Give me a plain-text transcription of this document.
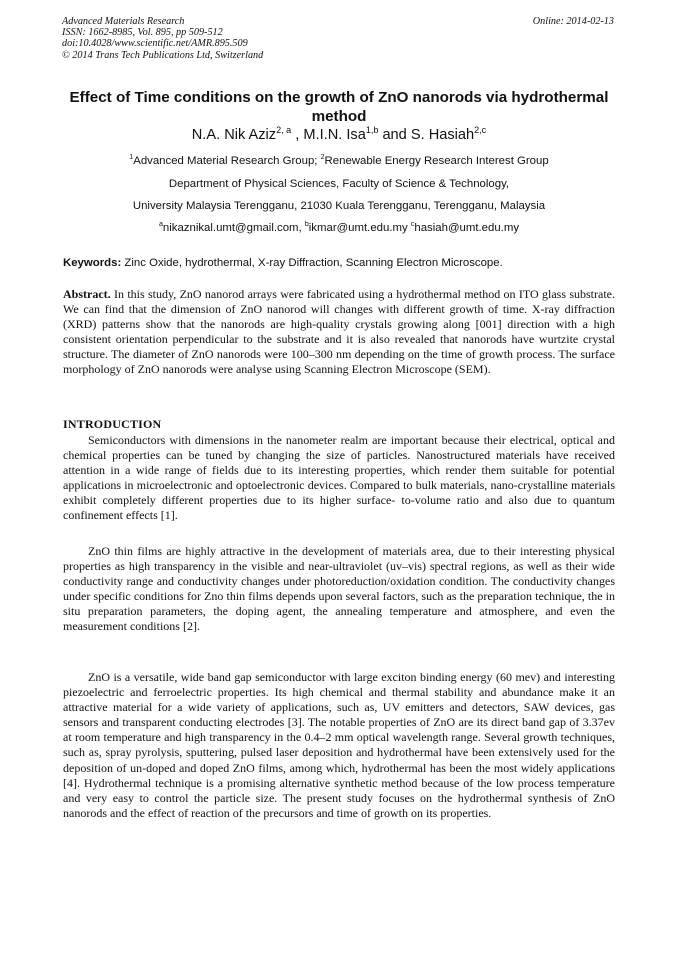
Advanced Materials Research
ISSN: 1662-8985, Vol. 895, pp 509-512
doi:10.4028/www.scientific.net/AMR.895.509
© 2014 Trans Tech Publications Ltd, Switzerland
Online: 2014-02-13
Effect of Time conditions on the growth of ZnO nanorods via hydrothermal method
N.A. Nik Aziz$^{2, a}$ , M.I.N. Isa$^{1,b}$ and S. Hasiah$^{2,c}$
$^1$Advanced Material Research Group; $^2$Renewable Energy Research Interest Group
Department of Physical Sciences, Faculty of Science & Technology,
University Malaysia Terengganu, 21030 Kuala Terengganu, Terengganu, Malaysia
$^a$nikaznikal.umt@gmail.com, $^b$ikmar@umt.edu.my $^c$hasiah@umt.edu.my
Keywords: Zinc Oxide, hydrothermal, X-ray Diffraction, Scanning Electron Microscope.
Abstract. In this study, ZnO nanorod arrays were fabricated using a hydrothermal method on ITO glass substrate. We can find that the dimension of ZnO nanorod will changes with different growth of time. X-ray diffraction (XRD) patterns show that the nanorods are high-quality crystals growing along [001] direction with a high consistent orientation perpendicular to the substrate and it is also revealed that nanorods have wurtzite crystal structure. The diameter of ZnO nanorods were 100–300 nm depending on the time of growth process. The surface morphology of ZnO nanorods were analyse using Scanning Electron Microscope (SEM).
INTRODUCTION
Semiconductors with dimensions in the nanometer realm are important because their electrical, optical and chemical properties can be tuned by changing the size of particles. Nanostructured materials have received attention in a wide range of fields due to its interesting properties, which render them suitable for potential applications in microelectronic and optoelectronic devices. Compared to bulk materials, nano-crystalline materials exhibit completely different properties due to its higher surface- to-volume ratio and also due to quantum confinement effects [1].
ZnO thin films are highly attractive in the development of materials area, due to their interesting physical properties as high transparency in the visible and near-ultraviolet (uv–vis) spectral regions, as well as their wide conductivity range and conductivity changes under photoreduction/oxidation condition. The conductivity changes under specific conditions for Zno thin films depends upon several factors, such as the preparation technique, the in situ preparation parameters, the doping agent, the annealing temperature and atmosphere, and even the measurement conditions [2].
ZnO is a versatile, wide band gap semiconductor with large exciton binding energy (60 mev) and interesting piezoelectric and ferroelectric properties. Its high chemical and thermal stability and abundance make it an attractive material for a wide variety of applications, such as, UV emitters and detectors, SAW devices, gas sensors and transparent conducting electrodes [3]. The notable properties of ZnO are its direct band gap of 3.37ev at room temperature and high transparency in the 0.4–2 mm optical wavelength range. Several growth techniques, such as, spray pyrolysis, sputtering, pulsed laser deposition and hydrothermal have been extensively used for the deposition of un-doped and doped ZnO films, among which, hydrothermal has been the most widely applications [4]. Hydrothermal technique is a promising alternative synthetic method because of the low process temperature and very easy to control the particle size. The present study focuses on the hydrothermal synthesis of ZnO nanorods and the effect of reaction of the precursors and time of growth on its properties.
